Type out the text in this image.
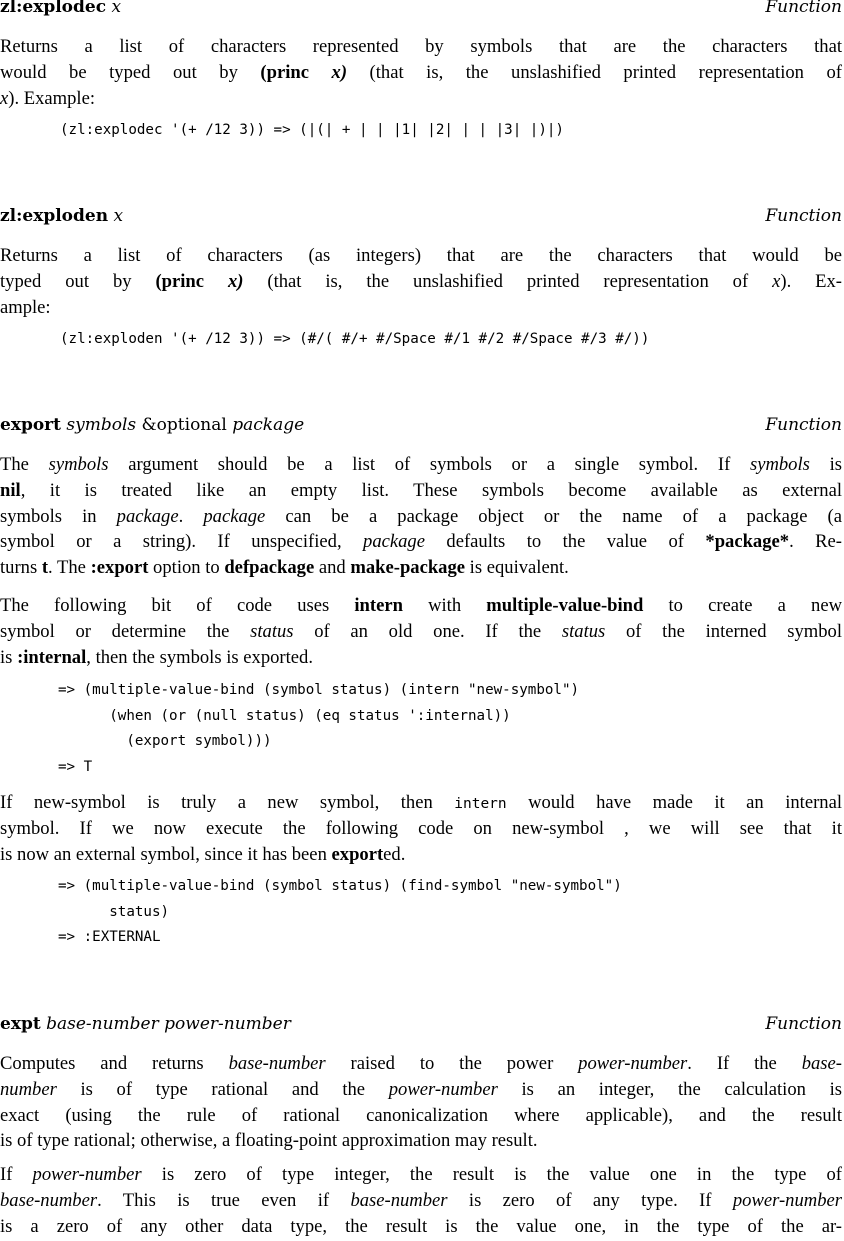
zl:explodec x	Function
Returns a list of characters represented by symbols that are the characters that
would be typed out by (princ x) (that is, the unslashified printed representation of
x). Example:
(zl:explodec '(+ /12 3)) => (|(| + | | |1| |2| | | |3| |)|)
zl:exploden x	Function
Returns a list of characters (as integers) that are the characters that would be
typed out by (princ x) (that is, the unslashified printed representation of x). Ex-
ample:
(zl:exploden '(+ /12 3)) => (#/( #/+ #/Space #/1 #/2 #/Space #/3 #/))
export symbols &optional package	Function
The symbols argument should be a list of symbols or a single symbol. If symbols is
nil, it is treated like an empty list. These symbols become available as external
symbols in package. package can be a package object or the name of a package (a
symbol or a string). If unspecified, package defaults to the value of *package*. Re-
turns t. The :export option to defpackage and make-package is equivalent.
The following bit of code uses intern with multiple-value-bind to create a new
symbol or determine the status of an old one. If the status of the interned symbol
is :internal, then the symbols is exported.
=> (multiple-value-bind (symbol status) (intern "new-symbol")
(when (or (null status) (eq status ':internal))
(export symbol)))
=> T
If new-symbol is truly a new symbol, then intern would have made it an internal
symbol. If we now execute the following code on new-symbol , we will see that it
is now an external symbol, since it has been exported.
=> (multiple-value-bind (symbol status) (find-symbol "new-symbol")
status)
=> :EXTERNAL
expt base-number power-number	Function
Computes and returns base-number raised to the power power-number. If the base-
number is of type rational and the power-number is an integer, the calculation is
exact (using the rule of rational canonicalization where applicable), and the result
is of type rational; otherwise, a floating-point approximation may result.
If power-number is zero of type integer, the result is the value one in the type of
base-number. This is true even if base-number is zero of any type. If power-number
is a zero of any other data type, the result is the value one, in the type of the ar-
